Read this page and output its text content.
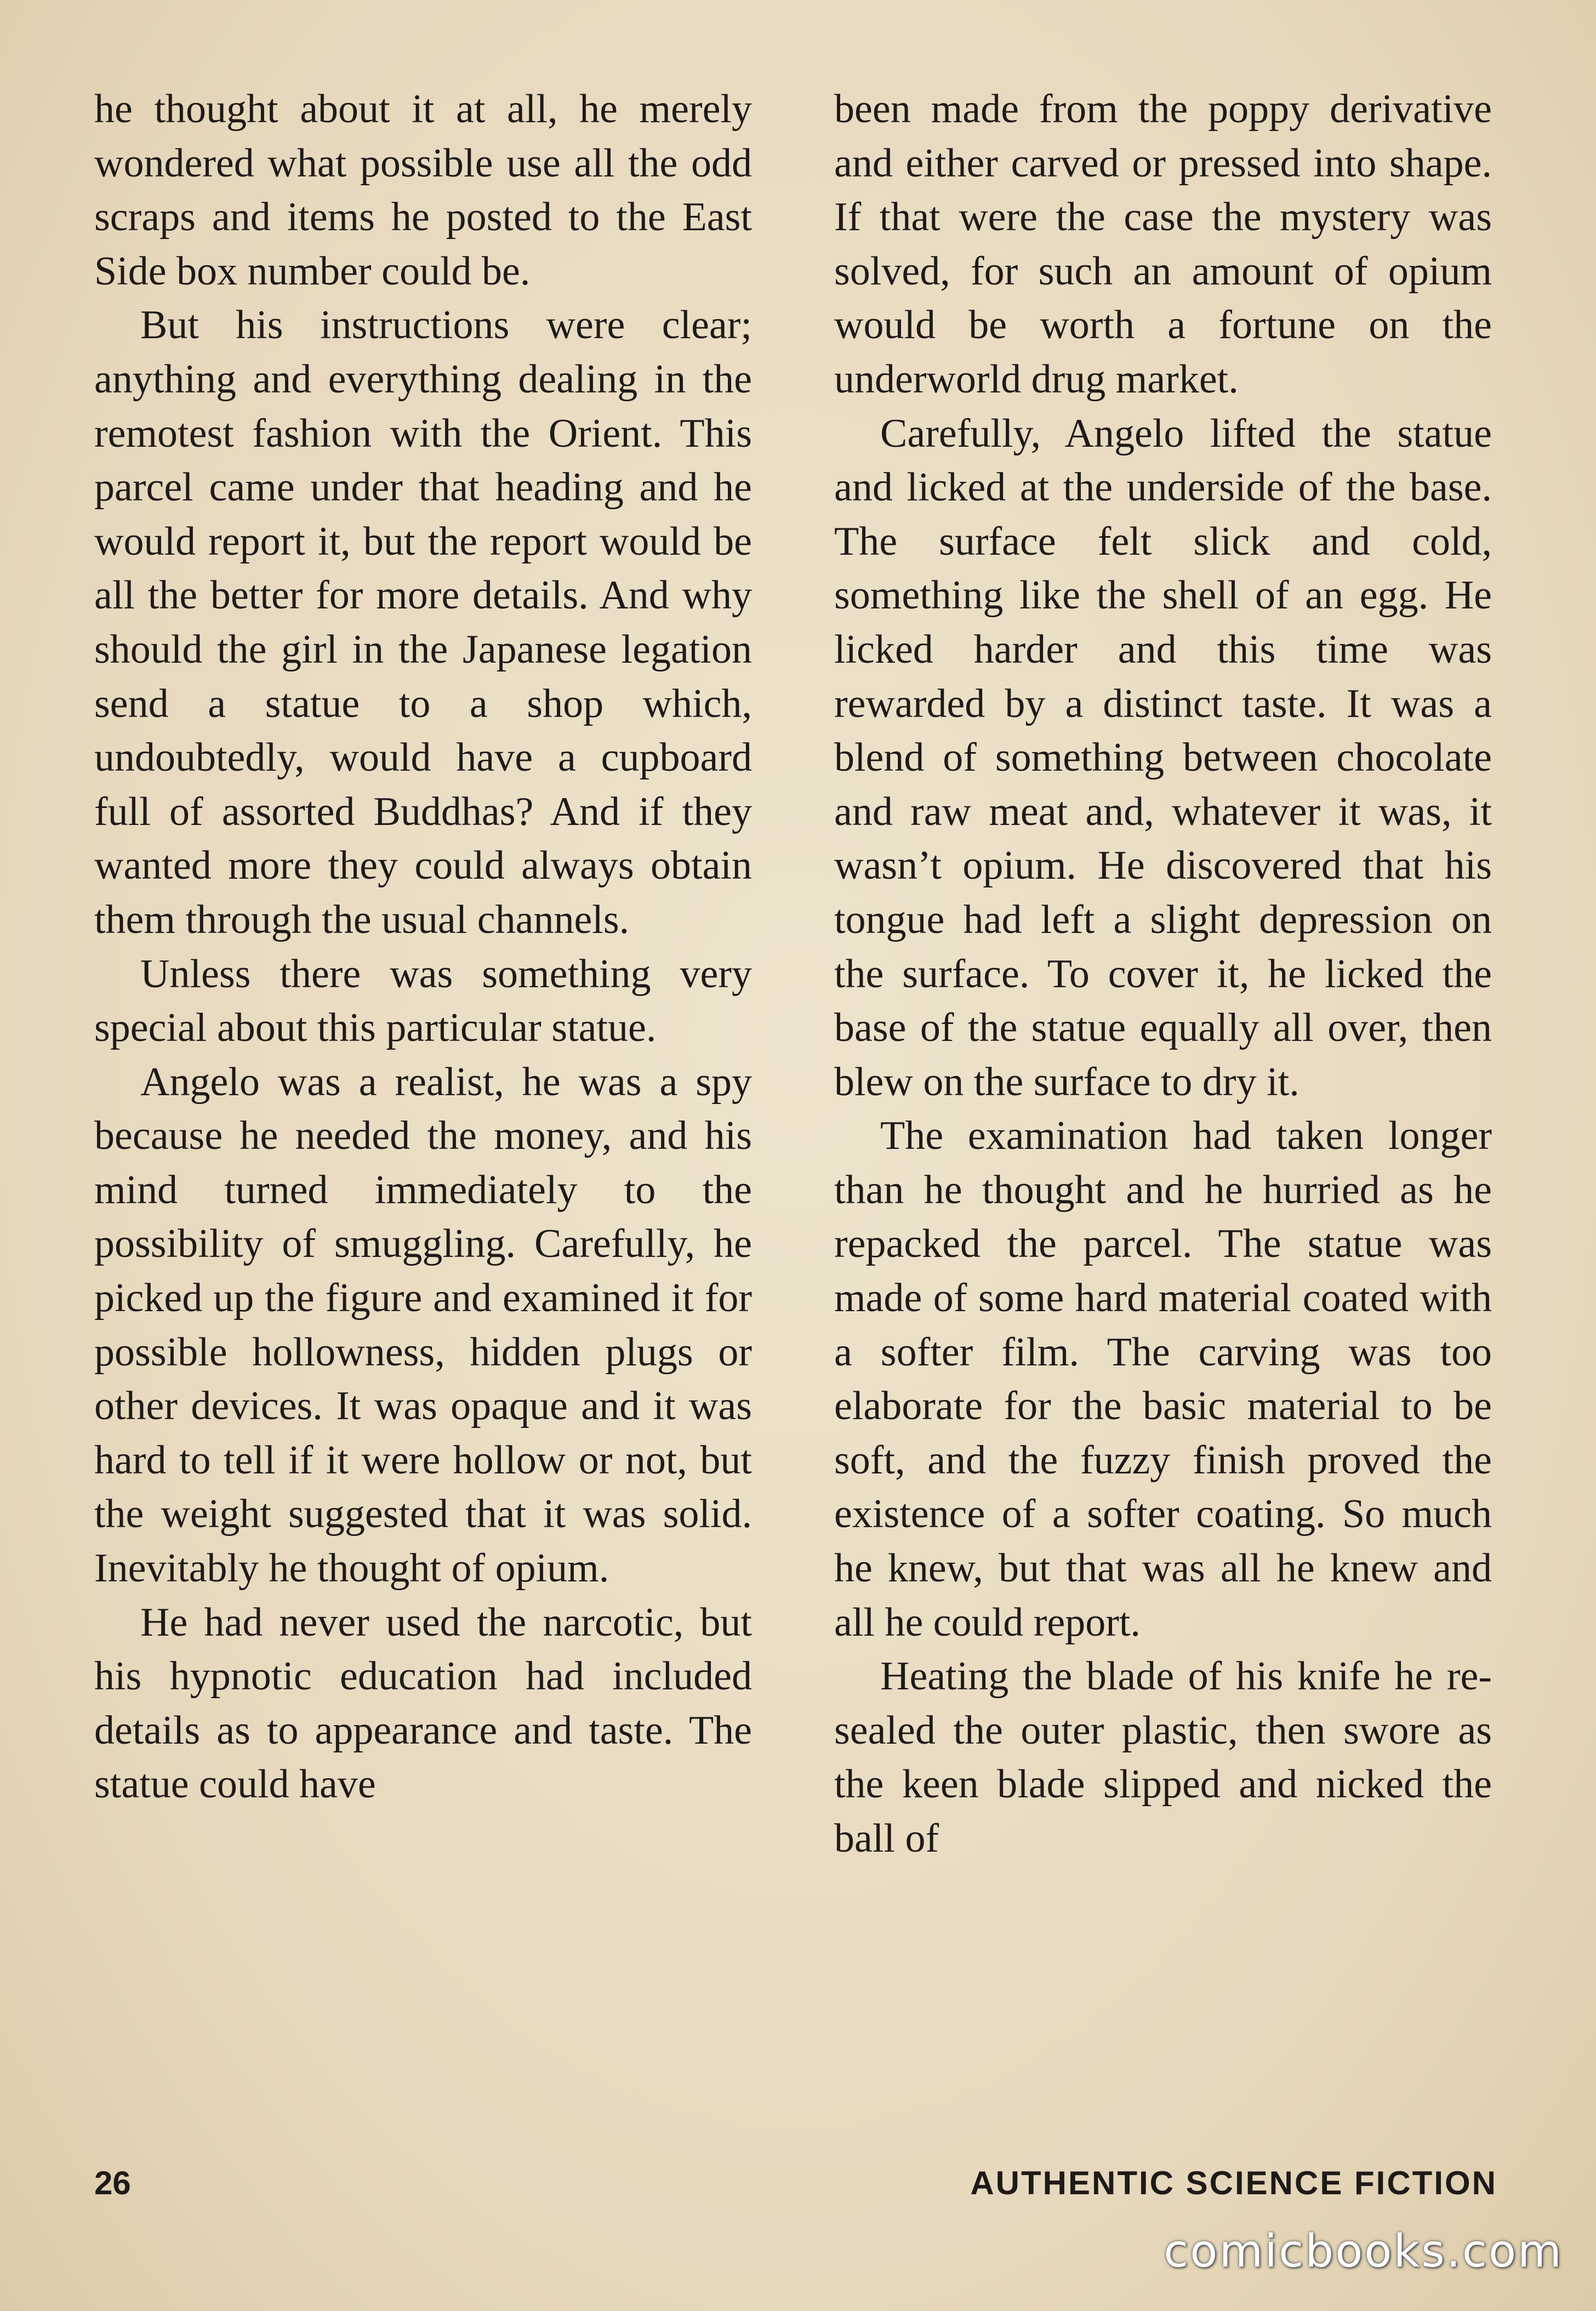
he thought about it at all, he merely wondered what possible use all the odd scraps and items he posted to the East Side box number could be.

But his instructions were clear; anything and everything dealing in the remotest fashion with the Orient. This parcel came under that heading and he would report it, but the report would be all the better for more details. And why should the girl in the Japanese legation send a statue to a shop which, undoubtedly, would have a cupboard full of assorted Buddhas? And if they wanted more they could always obtain them through the usual channels.

Unless there was something very special about this particular statue.

Angelo was a realist, he was a spy because he needed the money, and his mind turned immediately to the possibility of smuggling. Carefully, he picked up the figure and examined it for possible hollowness, hidden plugs or other devices. It was opaque and it was hard to tell if it were hollow or not, but the weight suggested that it was solid. Inevitably he thought of opium.

He had never used the narcotic, but his hypnotic education had included details as to appearance and taste. The statue could have

been made from the poppy derivative and either carved or pressed into shape. If that were the case the mystery was solved, for such an amount of opium would be worth a fortune on the underworld drug market.

Carefully, Angelo lifted the statue and licked at the underside of the base. The surface felt slick and cold, something like the shell of an egg. He licked harder and this time was rewarded by a distinct taste. It was a blend of something between chocolate and raw meat and, whatever it was, it wasn’t opium. He discovered that his tongue had left a slight depression on the surface. To cover it, he licked the base of the statue equally all over, then blew on the surface to dry it.

The examination had taken longer than he thought and he hurried as he repacked the parcel. The statue was made of some hard material coated with a softer film. The carving was too elaborate for the basic material to be soft, and the fuzzy finish proved the existence of a softer coating. So much he knew, but that was all he knew and all he could report.

Heating the blade of his knife he re-sealed the outer plastic, then swore as the keen blade slipped and nicked the ball of

26	AUTHENTIC SCIENCE FICTION
comicbooks.com
